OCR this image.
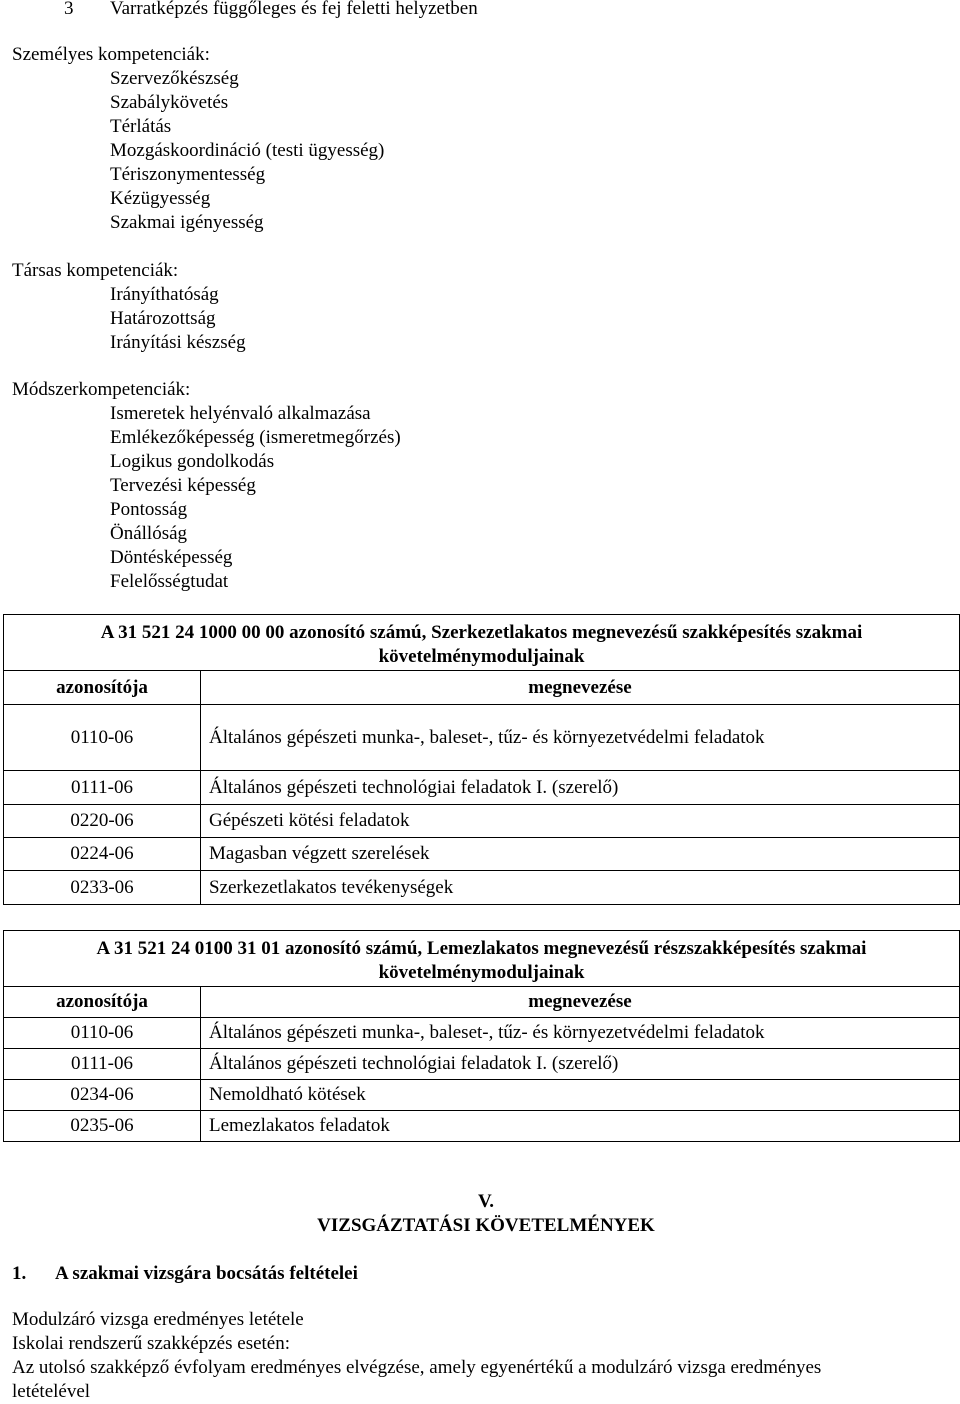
3 Varratképzés függőleges és fej feletti helyzetben
Személyes kompetenciák:
Szervezőkészség
Szabálykövetés
Térlátás
Mozgáskoordináció (testi ügyesség)
Tériszonymentesség
Kézügyesség
Szakmai igényesség
Társas kompetenciák:
Irányíthatóság
Határozottság
Irányítási készség
Módszerkompetenciák:
Ismeretek helyénvaló alkalmazása
Emlékezőképesség (ismeretmegőrzés)
Logikus gondolkodás
Tervezési képesség
Pontosság
Önállóság
Döntésképesség
Felelősségtudat
A 31 521 24 1000 00 00 azonosító számú, Szerkezetlakatos megnevezésű szakképesítés szakmai követelménymoduljainak	
azonosítója	megnevezése
0110-06	Általános gépészeti munka-, baleset-, tűz- és környezetvédelmi feladatok
0111-06	Általános gépészeti technológiai feladatok I. (szerelő)
0220-06	Gépészeti kötési feladatok
0224-06	Magasban végzett szerelések
0233-06	Szerkezetlakatos tevékenységek
A 31 521 24 0100 31 01 azonosító számú, Lemezlakatos megnevezésű részszakképesítés szakmai követelménymoduljainak	
azonosítója	megnevezése
0110-06	Általános gépészeti munka-, baleset-, tűz- és környezetvédelmi feladatok
0111-06	Általános gépészeti technológiai feladatok I. (szerelő)
0234-06	Nemoldható kötések
0235-06	Lemezlakatos feladatok
V.
VIZSGÁZTATÁSI KÖVETELMÉNYEK
1. A szakmai vizsgára bocsátás feltételei
Modulzáró vizsga eredményes letétele
Iskolai rendszerű szakképzés esetén:
Az utolsó szakképző évfolyam eredményes elvégzése, amely egyenértékű a modulzáró vizsga eredményes
letételével
